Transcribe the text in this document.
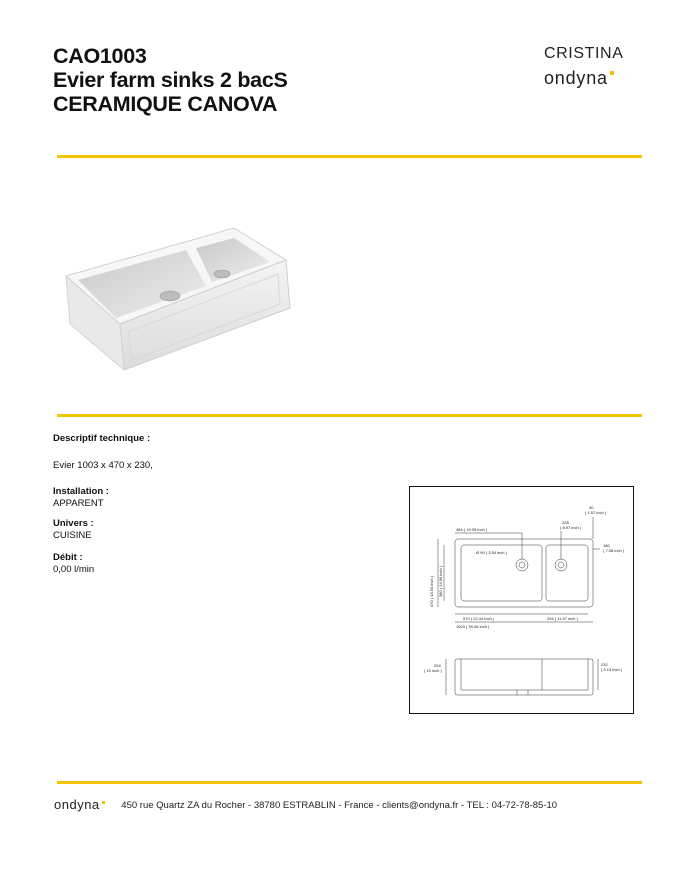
CAO1003
Evier farm sinks 2 bacS
CERAMIQUE CANOVA
CRISTINA
ondyna
Descriptif technique :
Evier 1003 x 470 x 230,
Installation :
APPARENT
Univers :
CUISINE
Débit :
0,00 l/min
40
( 1.57 inch )
484 ( 19.05 inch )
228
( 8.97 inch )
180
( 7.08 inch )
Ø 90 ( 3.54 inch )
470 ( 18.50 inch ) 380 ( 14.96 inch )
570 ( 22.44 inch )	294 ( 11.57 inch )
1003 ( 39.48 inch )
254
( 10 inch )
232
( 9.13 inch )
ondyna 450 rue Quartz ZA du Rocher - 38780 ESTRABLIN - France - clients@ondyna.fr - TEL : 04-72-78-85-10
